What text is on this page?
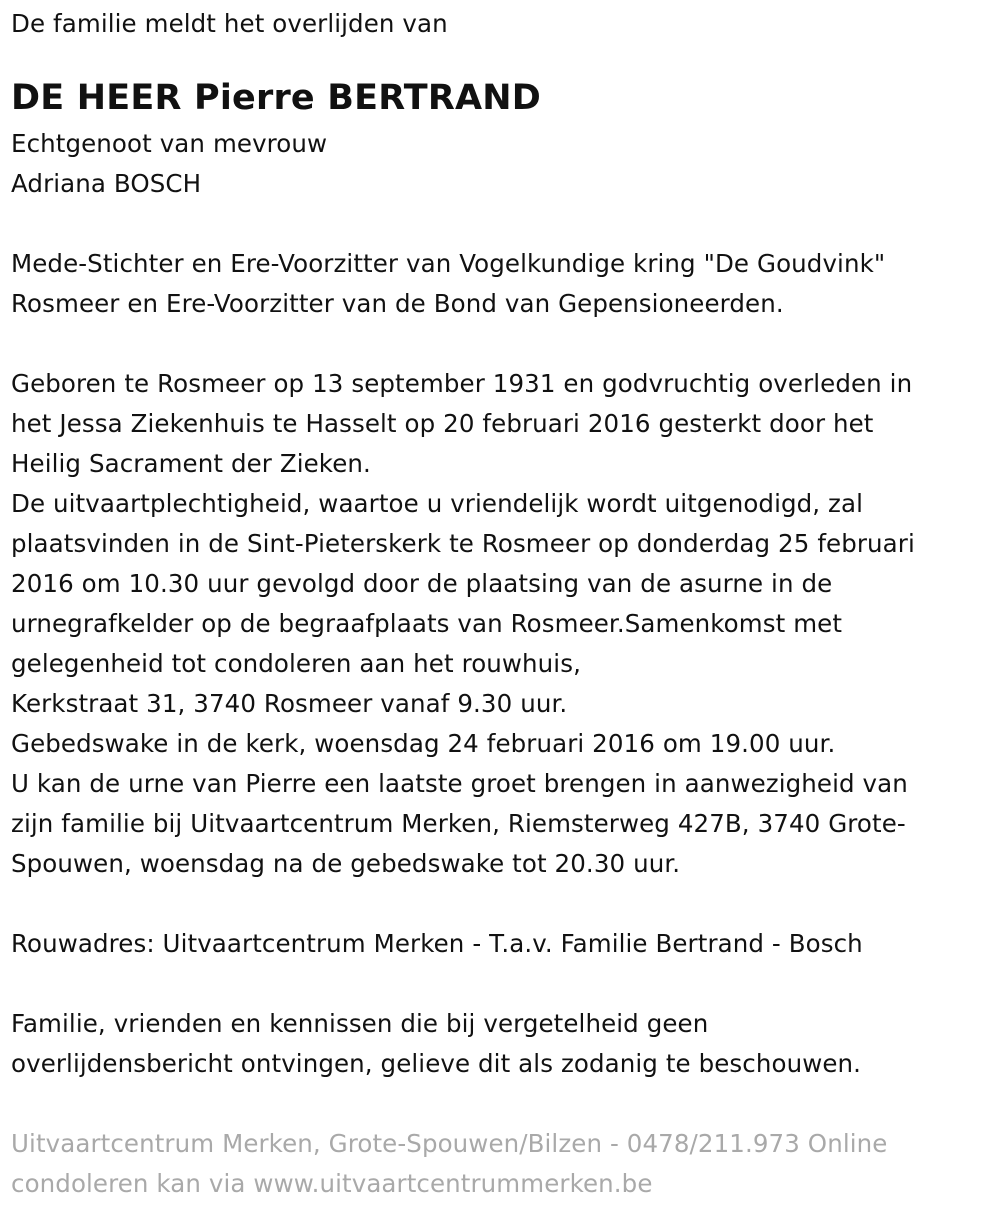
De familie meldt het overlijden van
DE HEER Pierre BERTRAND
Echtgenoot van mevrouw
Adriana BOSCH
Mede-Stichter en Ere-Voorzitter van Vogelkundige kring "De Goudvink"
Rosmeer en Ere-Voorzitter van de Bond van Gepensioneerden.
Geboren te Rosmeer op 13 september 1931 en godvruchtig overleden in
het Jessa Ziekenhuis te Hasselt op 20 februari 2016 gesterkt door het
Heilig Sacrament der Zieken.
De uitvaartplechtigheid, waartoe u vriendelijk wordt uitgenodigd, zal
plaatsvinden in de Sint-Pieterskerk te Rosmeer op donderdag 25 februari
2016 om 10.30 uur gevolgd door de plaatsing van de asurne in de
urnegrafkelder op de begraafplaats van Rosmeer.Samenkomst met
gelegenheid tot condoleren aan het rouwhuis,
Kerkstraat 31, 3740 Rosmeer vanaf 9.30 uur.
Gebedswake in de kerk, woensdag 24 februari 2016 om 19.00 uur.
U kan de urne van Pierre een laatste groet brengen in aanwezigheid van
zijn familie bij Uitvaartcentrum Merken, Riemsterweg 427B, 3740 Grote-
Spouwen, woensdag na de gebedswake tot 20.30 uur.
Rouwadres: Uitvaartcentrum Merken - T.a.v. Familie Bertrand - Bosch
Familie, vrienden en kennissen die bij vergetelheid geen
overlijdensbericht ontvingen, gelieve dit als zodanig te beschouwen.
Uitvaartcentrum Merken, Grote-Spouwen/Bilzen - 0478/211.973 Online
condoleren kan via www.uitvaartcentrummerken.be
